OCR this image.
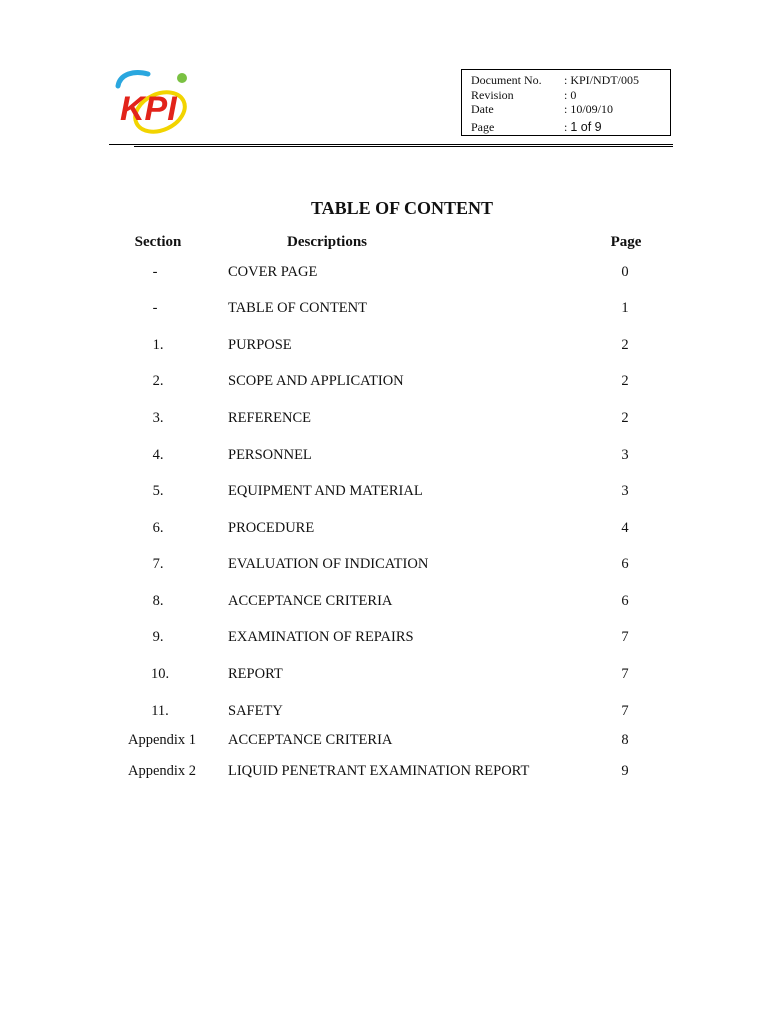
KPI
Document No.	: KPI/NDT/005
Revision	: 0
Date	: 10/09/10
Page	: 1 of 9
TABLE OF CONTENT
Section	Descriptions	Page
-	COVER PAGE	0
-	TABLE OF CONTENT	1
1.	PURPOSE	2
2.	SCOPE AND APPLICATION	2
3.	REFERENCE	2
4.	PERSONNEL	3
5.	EQUIPMENT AND MATERIAL	3
6.	PROCEDURE	4
7.	EVALUATION OF INDICATION	6
8.	ACCEPTANCE CRITERIA	6
9.	EXAMINATION OF REPAIRS	7
10.	REPORT	7
11.	SAFETY	7
Appendix 1 ACCEPTANCE CRITERIA	8
Appendix 2 LIQUID PENETRANT EXAMINATION REPORT	9
